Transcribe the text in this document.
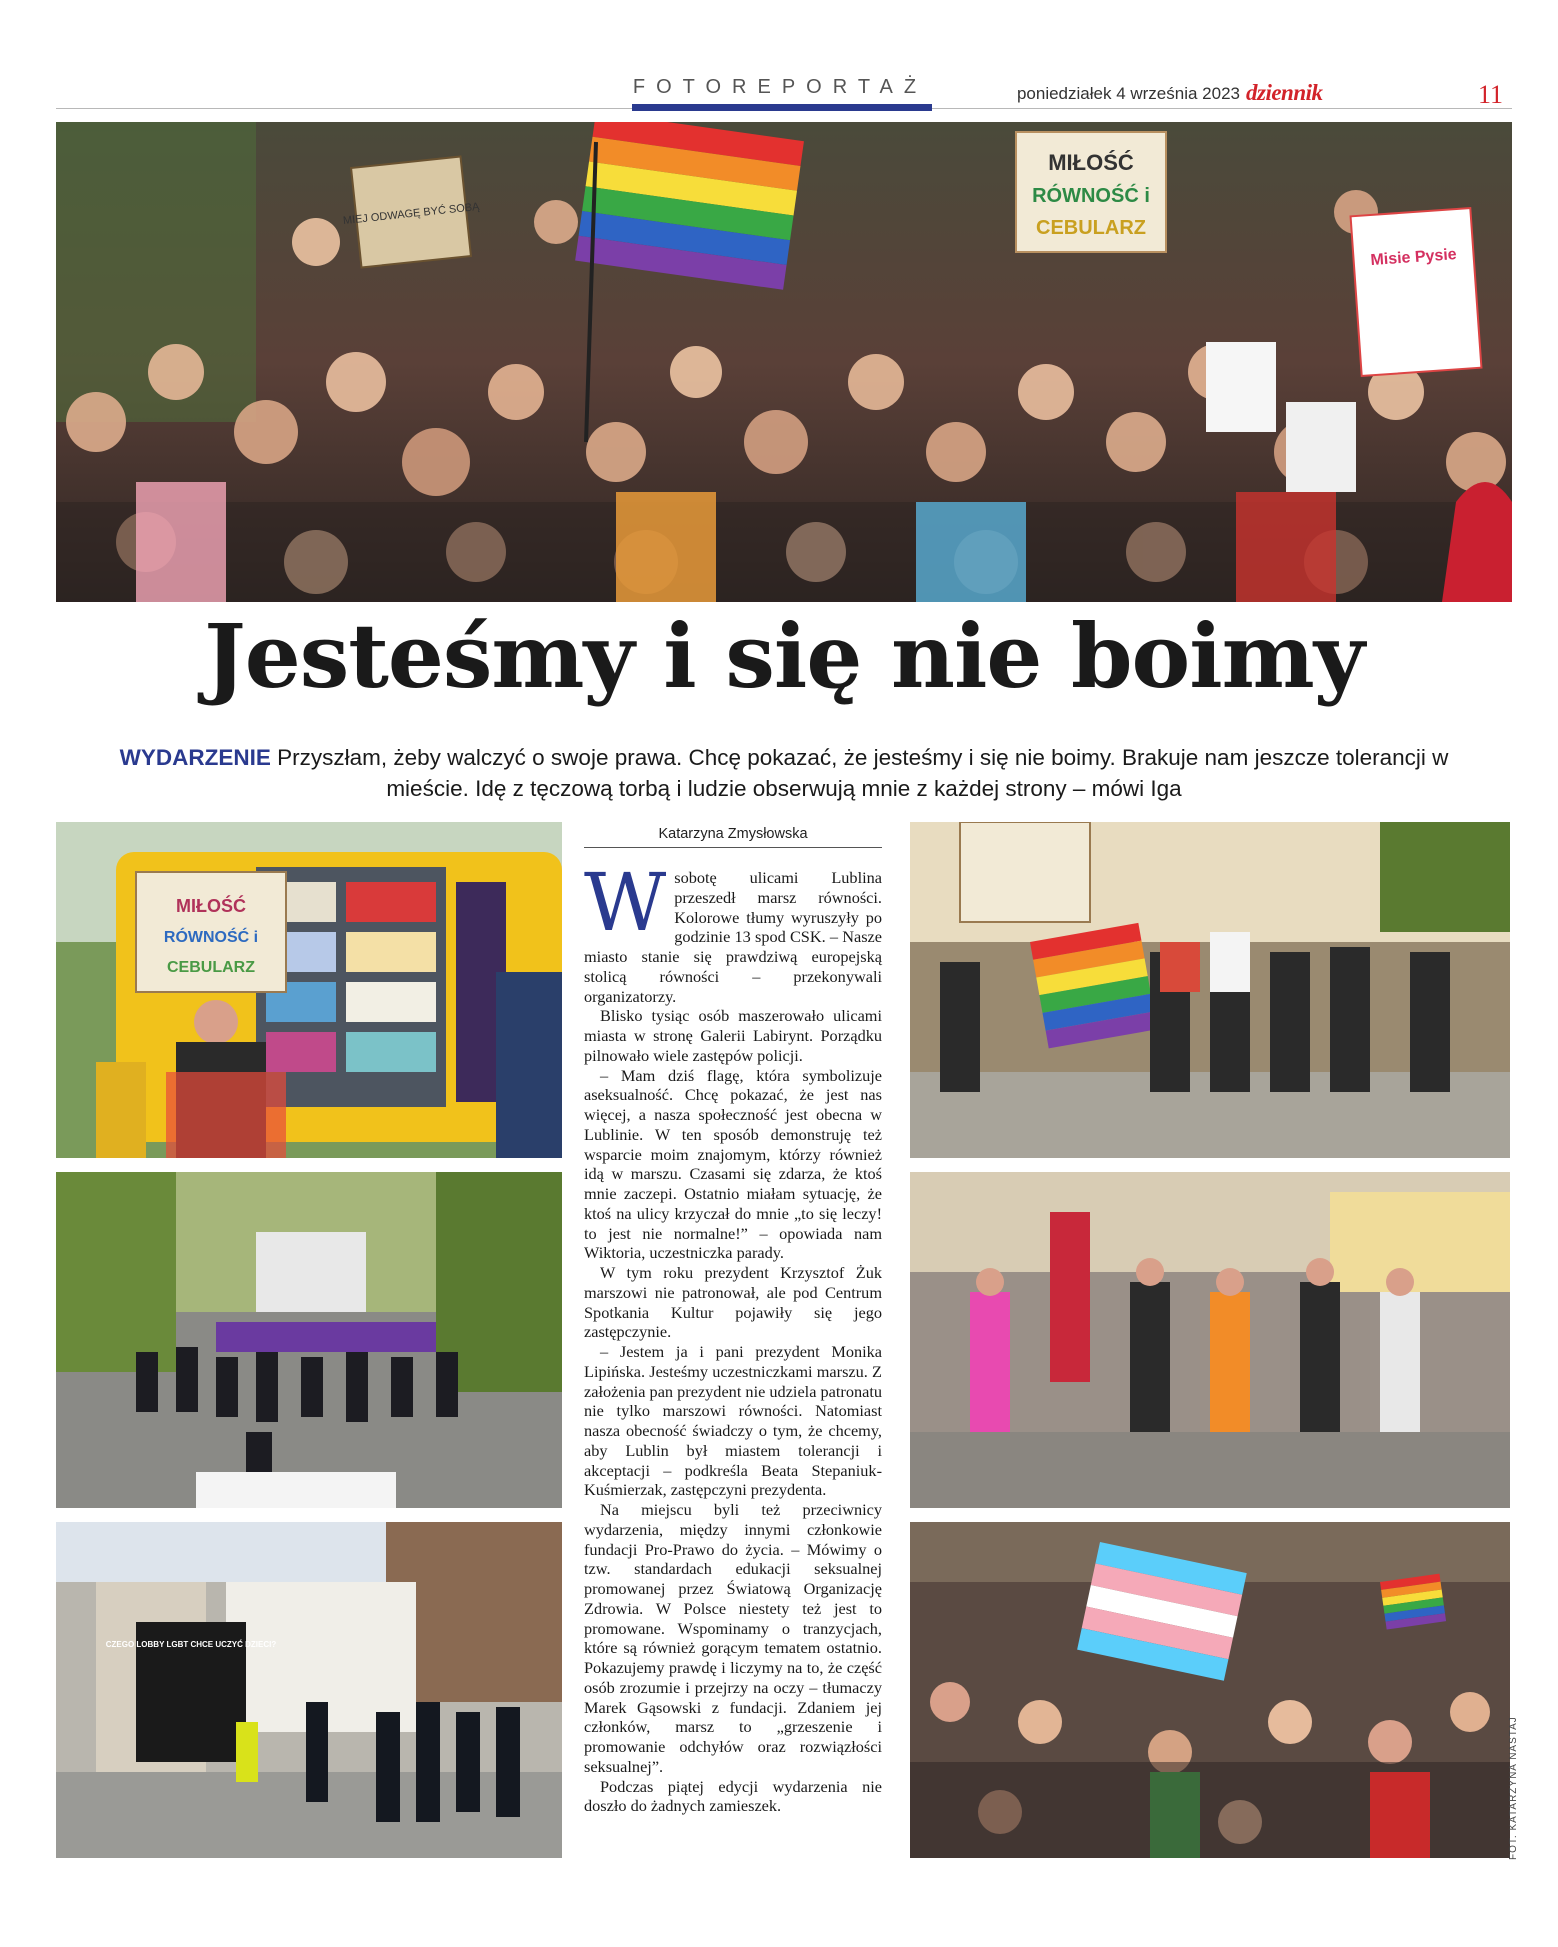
FOTOREPORTAŻ	poniedziałek 4 września 2023 dziennik	11
MIŁOŚĆ
RÓWNOŚĆ i
CEBULARZ
MIEJ ODWAGĘ BYĆ SOBĄ
Misie Pysie
Jesteśmy i się nie boimy
WYDARZENIE Przyszłam, żeby walczyć o swoje prawa. Chcę pokazać, że jesteśmy i się nie boimy. Brakuje nam jeszcze tolerancji w mieście. Idę z tęczową torbą i ludzie obserwują mnie z każdej strony – mówi Iga
MIŁOŚĆ
RÓWNOŚĆ i
CEBULARZ
CZEGO LOBBY LGBT CHCE UCZYĆ DZIECI?
Katarzyna Zmysłowska

Wsobotę ulicami Lublina przeszedł marsz równości. Kolorowe tłumy wyruszyły po godzinie 13 spod CSK. – Nasze miasto stanie się prawdziwą europejską stolicą równości – przekonywali organizatorzy.

Blisko tysiąc osób maszerowało ulicami miasta w stronę Galerii Labirynt. Porządku pilnowało wiele zastępów policji.

– Mam dziś flagę, która symbolizuje aseksualność. Chcę pokazać, że jest nas więcej, a nasza społeczność jest obecna w Lublinie. W ten sposób demonstruję też wsparcie moim znajomym, którzy również idą w marszu. Czasami się zdarza, że ktoś mnie zaczepi. Ostatnio miałam sytuację, że ktoś na ulicy krzyczał do mnie „to się leczy! to jest nie normalne!” – opowiada nam Wiktoria, uczestniczka parady.

W tym roku prezydent Krzysztof Żuk marszowi nie patronował, ale pod Centrum Spotkania Kultur pojawiły się jego zastępczynie.

– Jestem ja i pani prezydent Monika Lipińska. Jesteśmy uczestniczkami marszu. Z założenia pan prezydent nie udziela patronatu nie tylko marszowi równości. Natomiast nasza obecność świadczy o tym, że chcemy, aby Lublin był miastem tolerancji i akceptacji – podkreśla Beata Stepaniuk-Kuśmierzak, zastępczyni prezydenta.

Na miejscu byli też przeciwnicy wydarzenia, między innymi członkowie fundacji Pro-Prawo do życia. – Mówimy o tzw. standardach edukacji seksualnej promowanej przez Światową Organizację Zdrowia. W Polsce niestety też jest to promowane. Wspominamy o tranzycjach, które są również gorącym tematem ostatnio. Pokazujemy prawdę i liczymy na to, że część osób zrozumie i przejrzy na oczy – tłumaczy Marek Gąsowski z fundacji. Zdaniem jej członków, marsz to „grzeszenie i promowanie odchyłów oraz rozwiązłości seksualnej”.

Podczas piątej edycji wydarzenia nie doszło do żadnych zamieszek.	FOT. KATARZYNA NASTAJ
